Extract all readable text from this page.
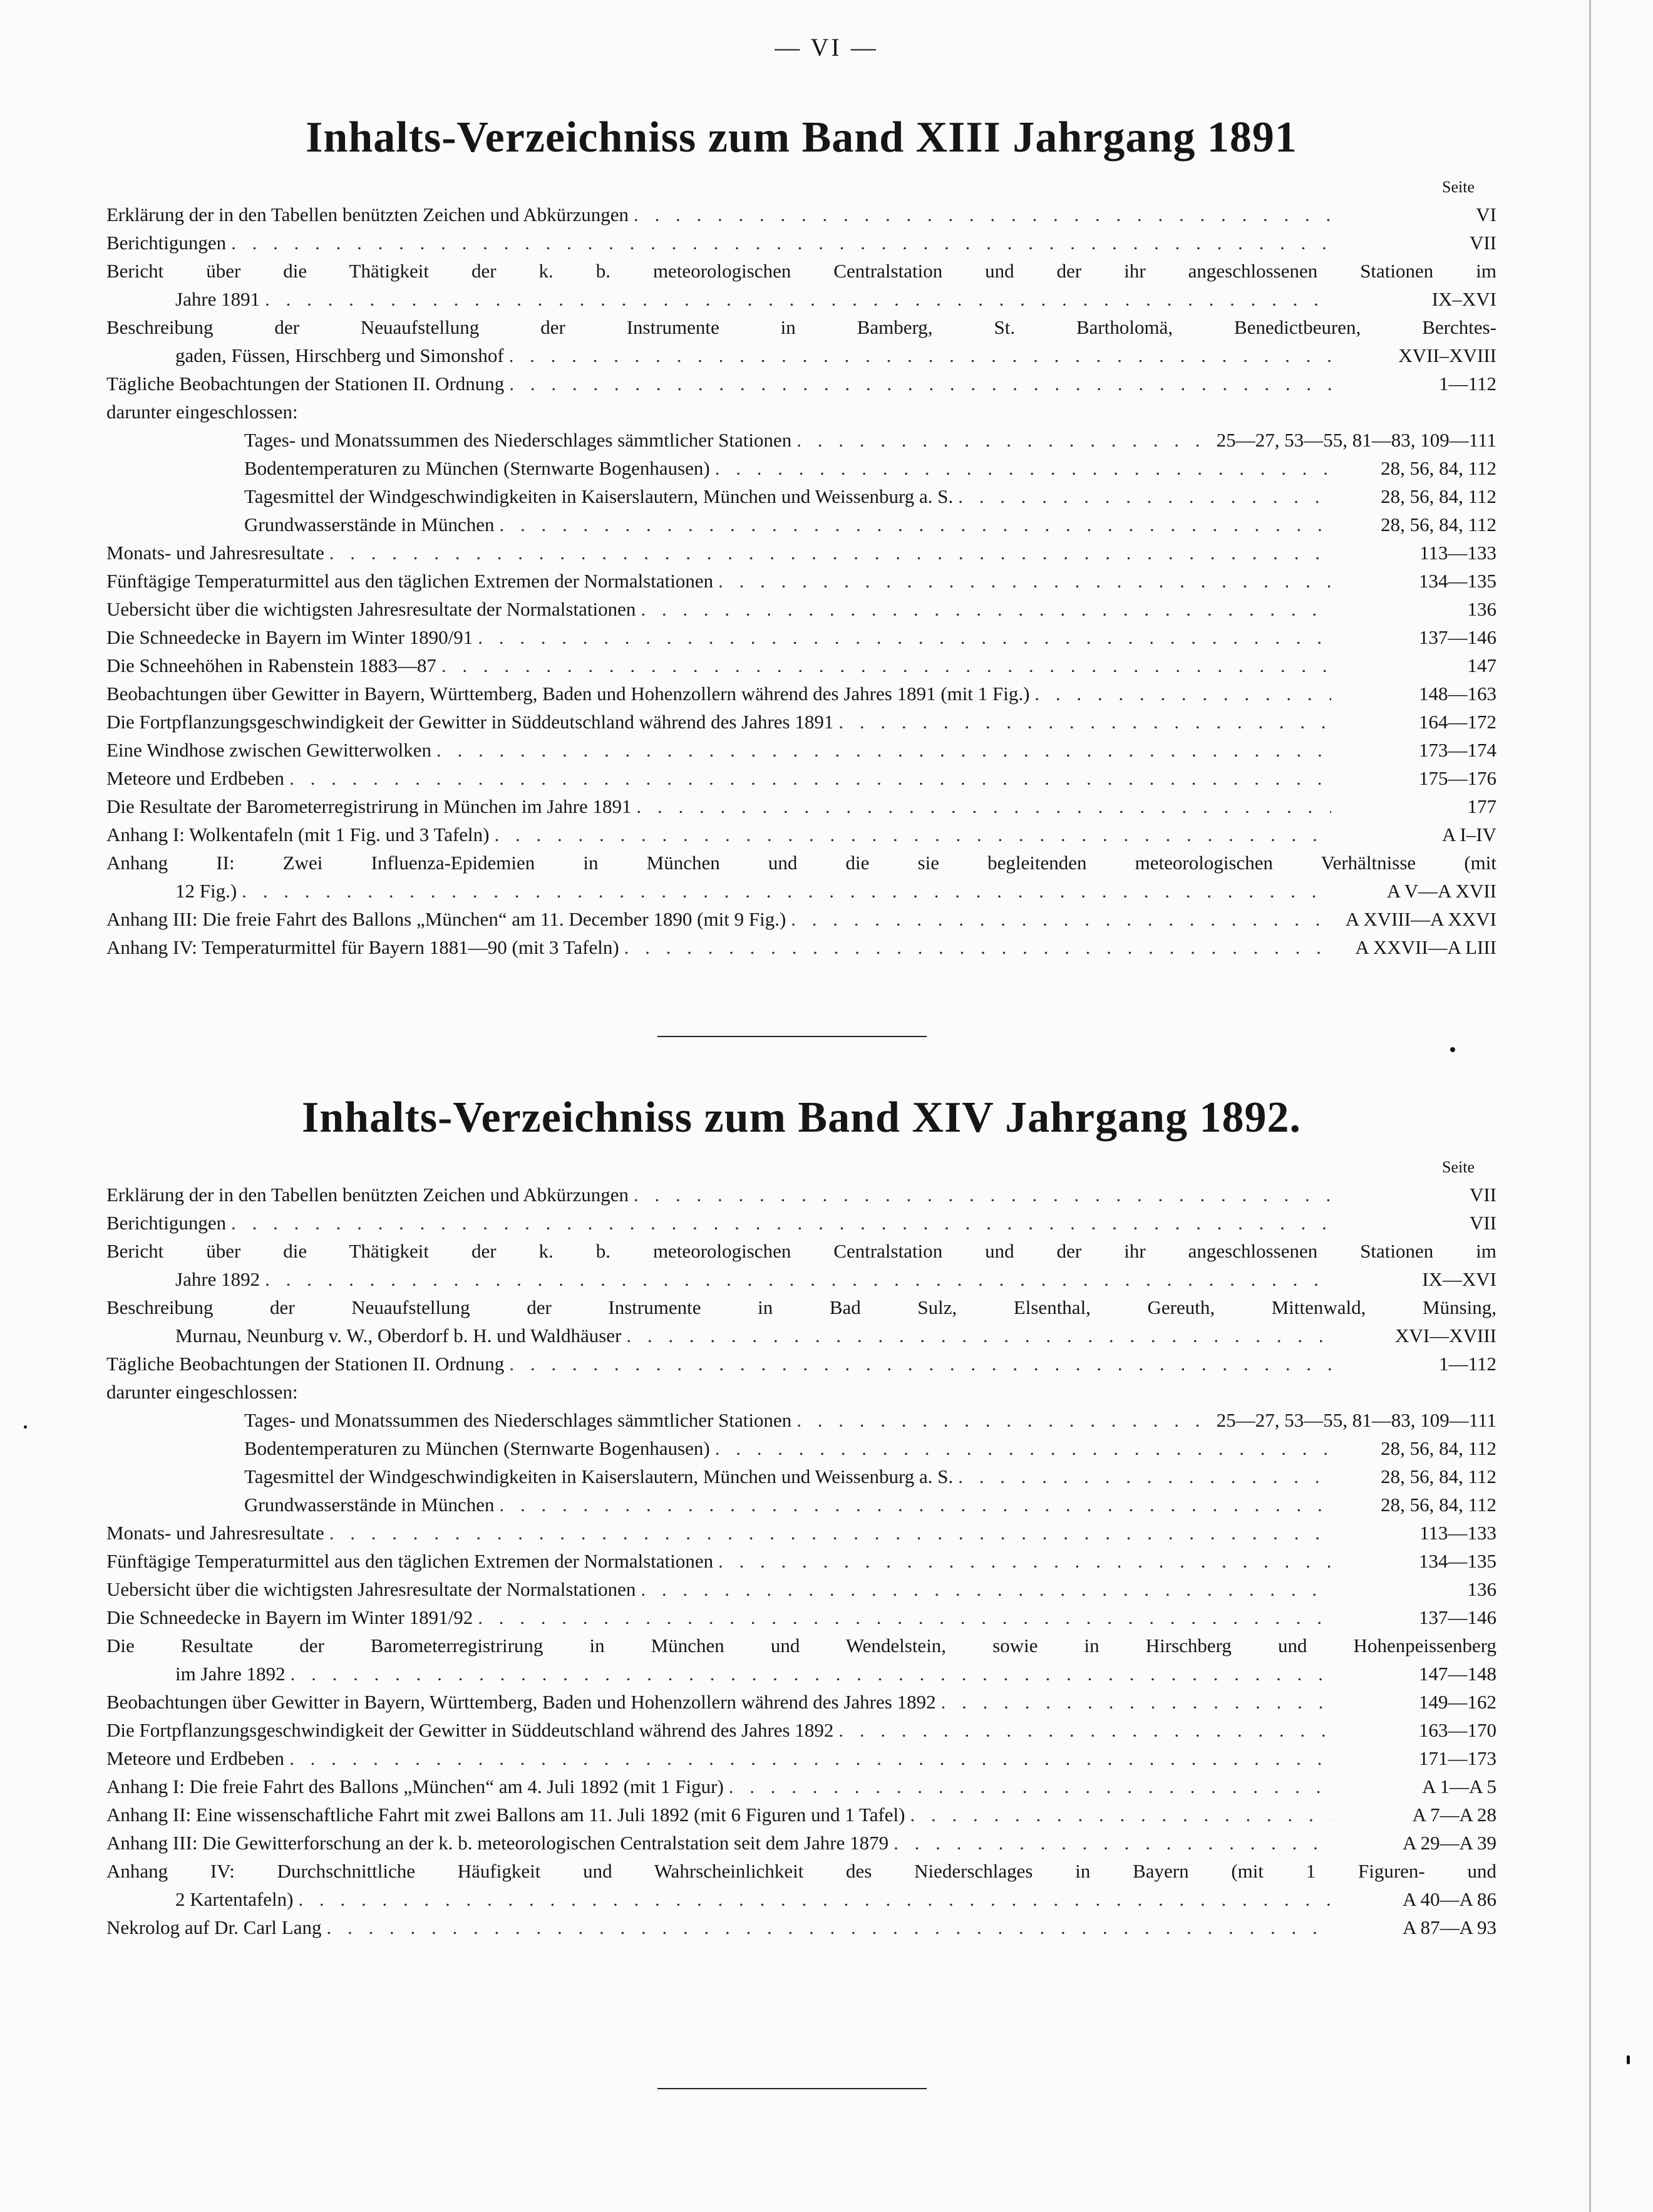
— VI —
Inhalts-Verzeichniss zum Band XIII Jahrgang 1891
Seite
Erklärung der in den Tabellen benützten Zeichen und Abkürzungen . . .	VI
Berichtigungen . . .	VII
Bericht über die Thätigkeit der k. b. meteorologischen Centralstation und der ihr angeschlossenen Stationen im
Jahre 1891 . . .	IX–XVI
Beschreibung der Neuaufstellung der Instrumente in Bamberg, St. Bartholomä, Benedictbeuren, Berchtes-
gaden, Füssen, Hirschberg und Simonshof . . .	XVII–XVIII
Tägliche Beobachtungen der Stationen II. Ordnung . . .	1—112
darunter eingeschlossen:
Tages- und Monatssummen des Niederschlages sämmtlicher Stationen . . .	25—27, 53—55, 81—83, 109—111
Bodentemperaturen zu München (Sternwarte Bogenhausen) . . .	28, 56, 84, 112
Tagesmittel der Windgeschwindigkeiten in Kaiserslautern, München und Weissenburg a. S. . . .	28, 56, 84, 112
Grundwasserstände in München . . .	28, 56, 84, 112
Monats- und Jahresresultate . . .	113—133
Fünftägige Temperaturmittel aus den täglichen Extremen der Normalstationen . . .	134—135
Uebersicht über die wichtigsten Jahresresultate der Normalstationen . . .	136
Die Schneedecke in Bayern im Winter 1890/91 . . .	137—146
Die Schneehöhen in Rabenstein 1883—87 . . .	147
Beobachtungen über Gewitter in Bayern, Württemberg, Baden und Hohenzollern während des Jahres 1891 (mit 1 Fig.) . . .	148—163
Die Fortpflanzungsgeschwindigkeit der Gewitter in Süddeutschland während des Jahres 1891 . . .	164—172
Eine Windhose zwischen Gewitterwolken . . .	173—174
Meteore und Erdbeben . . .	175—176
Die Resultate der Barometerregistrirung in München im Jahre 1891 . . .	177
Anhang I: Wolkentafeln (mit 1 Fig. und 3 Tafeln) . . .	A I–IV
Anhang II: Zwei Influenza-Epidemien in München und die sie begleitenden meteorologischen Verhältnisse (mit
12 Fig.) . . .	A V—A XVII
Anhang III: Die freie Fahrt des Ballons „München“ am 11. December 1890 (mit 9 Fig.) . . .	A XVIII—A XXVI
Anhang IV: Temperaturmittel für Bayern 1881—90 (mit 3 Tafeln) . . .	A XXVII—A LIII
Inhalts-Verzeichniss zum Band XIV Jahrgang 1892.
Seite
Erklärung der in den Tabellen benützten Zeichen und Abkürzungen . . .	VII
Berichtigungen . . .	VII
Bericht über die Thätigkeit der k. b. meteorologischen Centralstation und der ihr angeschlossenen Stationen im
Jahre 1892 . . .	IX—XVI
Beschreibung der Neuaufstellung der Instrumente in Bad Sulz, Elsenthal, Gereuth, Mittenwald, Münsing,
Murnau, Neunburg v. W., Oberdorf b. H. und Waldhäuser . . .	XVI—XVIII
Tägliche Beobachtungen der Stationen II. Ordnung . . .	1—112
darunter eingeschlossen:
Tages- und Monatssummen des Niederschlages sämmtlicher Stationen . . .	25—27, 53—55, 81—83, 109—111
Bodentemperaturen zu München (Sternwarte Bogenhausen) . . .	28, 56, 84, 112
Tagesmittel der Windgeschwindigkeiten in Kaiserslautern, München und Weissenburg a. S. . . .	28, 56, 84, 112
Grundwasserstände in München . . .	28, 56, 84, 112
Monats- und Jahresresultate . . .	113—133
Fünftägige Temperaturmittel aus den täglichen Extremen der Normalstationen . . .	134—135
Uebersicht über die wichtigsten Jahresresultate der Normalstationen . . .	136
Die Schneedecke in Bayern im Winter 1891/92 . . .	137—146
Die Resultate der Barometerregistrirung in München und Wendelstein, sowie in Hirschberg und Hohenpeissenberg
im Jahre 1892 . . .	147—148
Beobachtungen über Gewitter in Bayern, Württemberg, Baden und Hohenzollern während des Jahres 1892 . . .	149—162
Die Fortpflanzungsgeschwindigkeit der Gewitter in Süddeutschland während des Jahres 1892 . . .	163—170
Meteore und Erdbeben . . .	171—173
Anhang I: Die freie Fahrt des Ballons „München“ am 4. Juli 1892 (mit 1 Figur) . . .	A 1—A 5
Anhang II: Eine wissenschaftliche Fahrt mit zwei Ballons am 11. Juli 1892 (mit 6 Figuren und 1 Tafel) . . .	A 7—A 28
Anhang III: Die Gewitterforschung an der k. b. meteorologischen Centralstation seit dem Jahre 1879 . . .	A 29—A 39
Anhang IV: Durchschnittliche Häufigkeit und Wahrscheinlichkeit des Niederschlages in Bayern (mit 1 Figuren- und
2 Kartentafeln) . . .	A 40—A 86
Nekrolog auf Dr. Carl Lang . . .	A 87—A 93
